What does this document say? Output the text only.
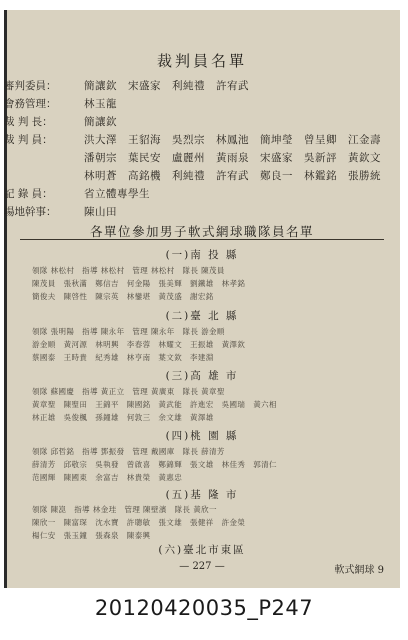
裁判員名單
審判委員：	簡讓欽　宋盛家　利純禮　許宥武
會務管理：	林玉龍
裁 判 長：	簡讓欽
裁 判 員：	洪大澤　王貂海　吳烈宗　林鳳池　簡坤瑩　曾呈卿　江金壽
潘朝宗　葉民安　盧麗州　黃雨泉　宋盛家　吳新評　黃欽文
林明蒼　高銘機　利純禮　許宥武　鄭良一　林鑑銘　張勝統
記 錄 員：	省立體專學生
場地幹事：	陳山田
各單位參加男子軟式網球職隊員名單
(一)南 投 縣
領隊 林松村　指導 林松村　管理 林松村　隊長 陳茂員
陳茂員　張秋滿　鄭信吉　何金陽　張美輝　劉鐵雄　林孝銘
簡俊夫　陳啓性　陳宗英　林鑾堪　黃茂盛　謝宏銘
(二)臺 北 縣
領隊 張明陽　指導 陳永年　管理 陳永年　隊長 游金順
游金順　黃河源　林明興　李春蓉　林耀文　王振雄　黃澤欽
蔡國泰　王時貴　紀秀雄　林亨南　葉文欽　李建淵
(三)高 雄 市
領隊 蘇國慶　指導 黃正立　管理 黃廣東　隊長 黃章聖
黃章聖　陳聖田　王錦平　陳國銘　黃武能　許進宏　吳國瑞　黃六相
林正雄　吳俊楓　孫鐘雄　何敦三　余文雄　黃澤雄
(四)桃 園 縣
領隊 邱哲銘　指導 鄧振發　管理 戴國庫　隊長 薛清芳
薛清芳　邱敬宗　吳執發　曾啟喜　鄭錦輝　張文雄　林佳秀　郭清仁
范國輝　陳國東　余富吉　林貴榮　黃惠忠
(五)基 隆 市
領隊 陳崑　指導 林金珪　管理 陳壁濱　隊長 黃欣一
陳欣一　陳富琛　沈水寶　許聰敏　張文雄　張健祥　許金榮
楊仁安　張玉鐘　張森泉　陳泰興
(六)臺北市東區
— 227 —	軟式網球 9
20120420035_P247
